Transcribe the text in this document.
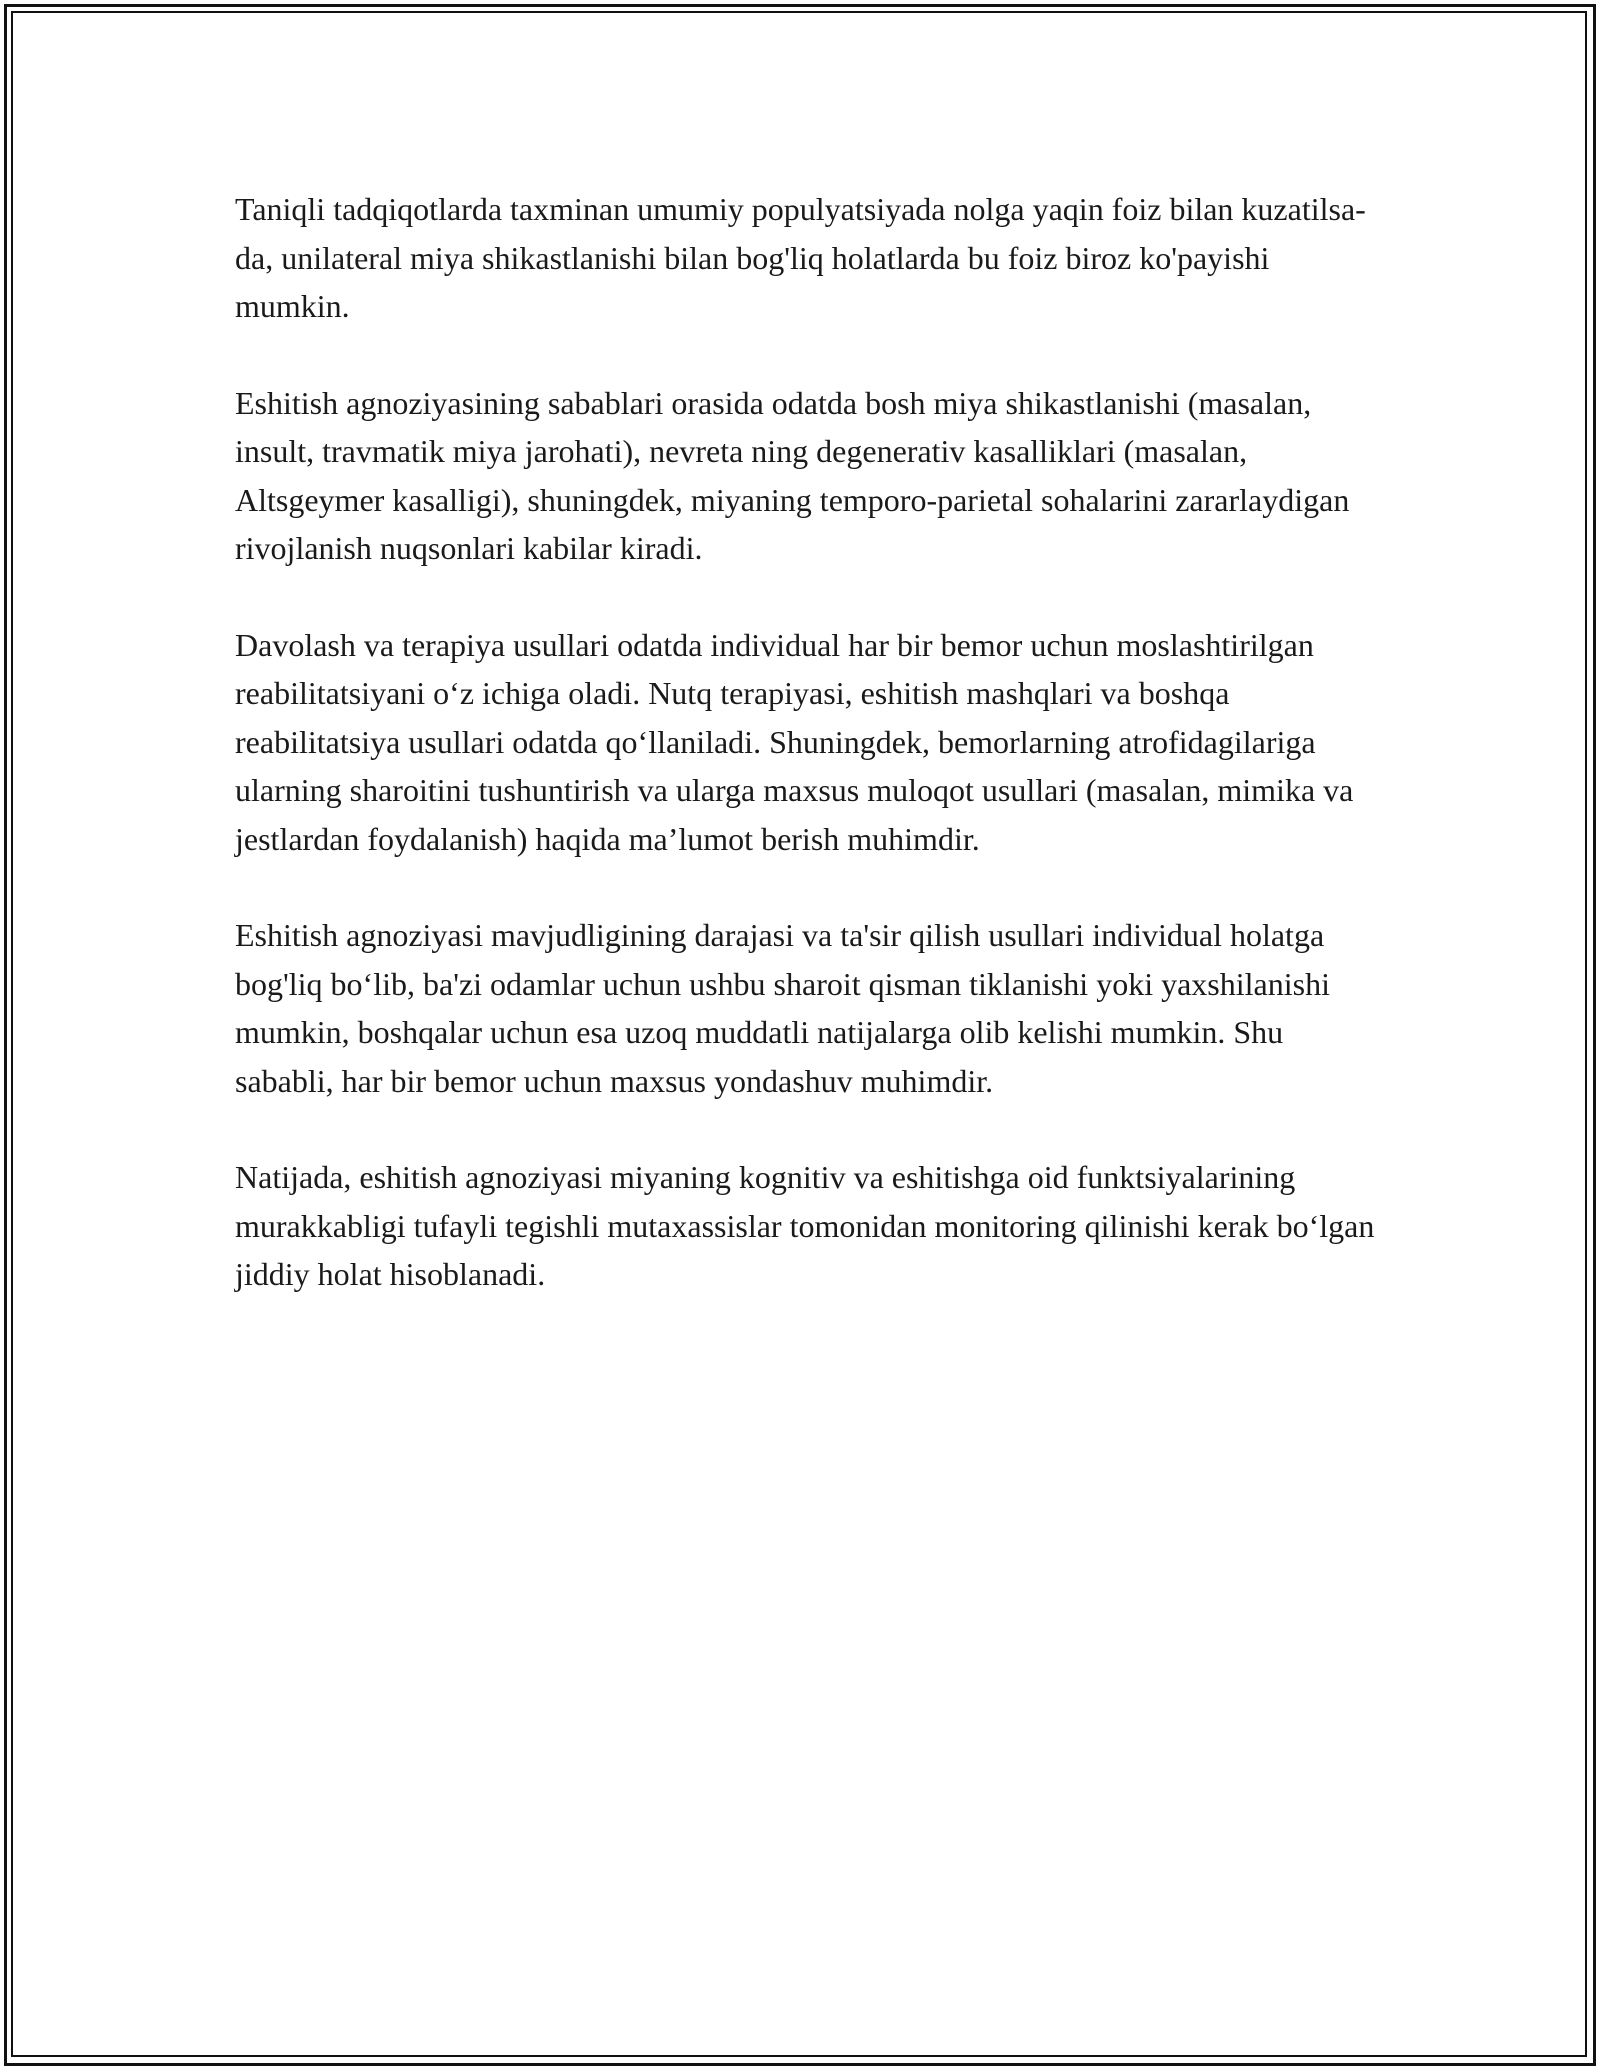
Taniqli tadqiqotlarda taxminan umumiy populyatsiyada nolga yaqin foiz bilan kuzatilsa-da, unilateral miya shikastlanishi bilan bog'liq holatlarda bu foiz biroz ko'payishi mumkin.

Eshitish agnoziyasining sabablari orasida odatda bosh miya shikastlanishi (masalan, insult, travmatik miya jarohati), nevreta ning degenerativ kasalliklari (masalan, Altsgeymer kasalligi), shuningdek, miyaning temporo-parietal sohalarini zararlaydigan rivojlanish nuqsonlari kabilar kiradi.

Davolash va terapiya usullari odatda individual har bir bemor uchun moslashtirilgan reabilitatsiyani o‘z ichiga oladi. Nutq terapiyasi, eshitish mashqlari va boshqa reabilitatsiya usullari odatda qo‘llaniladi. Shuningdek, bemorlarning atrofidagilariga ularning sharoitini tushuntirish va ularga maxsus muloqot usullari (masalan, mimika va jestlardan foydalanish) haqida ma’lumot berish muhimdir.

Eshitish agnoziyasi mavjudligining darajasi va ta'sir qilish usullari individual holatga bog'liq bo‘lib, ba'zi odamlar uchun ushbu sharoit qisman tiklanishi yoki yaxshilanishi mumkin, boshqalar uchun esa uzoq muddatli natijalarga olib kelishi mumkin. Shu sababli, har bir bemor uchun maxsus yondashuv muhimdir.

Natijada, eshitish agnoziyasi miyaning kognitiv va eshitishga oid funktsiyalarining murakkabligi tufayli tegishli mutaxassislar tomonidan monitoring qilinishi kerak bo‘lgan jiddiy holat hisoblanadi.
